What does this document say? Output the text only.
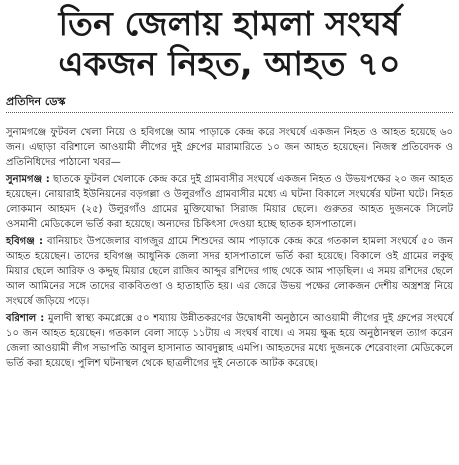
তিন জেলায় হামলা সংঘর্ষ
একজন নিহত, আহত ৭০
প্রতিদিন ডেস্ক

সুনামগঞ্জে ফুটবল খেলা নিয়ে ও হবিগঞ্জে আম পাড়াকে কেন্দ্র করে সংঘর্ষে একজন নিহত ও আহত হয়েছে ৬০ জন। এছাড়া বরিশালে আওয়ামী লীগের দুই গ্রুপের মারামারিতে ১০ জন আহত হয়েছেন। নিজস্ব প্রতিবেদক ও প্রতিনিধিদের পাঠানো খবর—

সুনামগঞ্জ : ছাতকে ফুটবল খেলাকে কেন্দ্র করে দুই গ্রামবাসীর সংঘর্ষে একজন নিহত ও উভয়পক্ষের ২০ জন আহত হয়েছেন। নোয়ারাই ইউনিয়নের বড়গল্লা ও উলুরগাঁও গ্রামবাসীর মধ্যে এ ঘটনা বিকালে সংঘর্ষের ঘটনা ঘটে। নিহত লোকমান আহমদ (২৫) উলুরগাঁও গ্রামের মুক্তিযোদ্ধা সিরাজ মিয়ার ছেলে। গুরুতর আহত দুজনকে সিলেট ওসমানী মেডিকেলে ভর্তি করা হয়েছে। অন্যদের চিকিৎসা দেওয়া হচ্ছে ছাতক হাসপাতালে।

হবিগঞ্জ : বানিয়াচং উপজেলার বাগজুর গ্রামে শিশুদের আম পাড়াকে কেন্দ্র করে গতকাল হামলা সংঘর্ষে ৫০ জন আহত হয়েছেন। তাদের হবিগঞ্জ আধুনিক জেলা সদর হাসপাতালে ভর্তি করা হয়েছে। বিকালে ওই গ্রামের লকুছ মিয়ার ছেলে আরিফ ও কদ্দুছ মিয়ার ছেলে রাজিব আব্দুর রশিদের গাছ থেকে আম পাড়ছিল। এ সময় রশিদের ছেলে আল আমিনের সঙ্গে তাদের বাকবিতণ্ডা ও হাতাহাতি হয়। এর জেরে উভয় পক্ষের লোকজন দেশীয় অস্ত্রশস্ত্র নিয়ে সংঘর্ষে জড়িয়ে পড়ে।

বরিশাল : মুলাদী স্বাস্থ্য কমপ্লেক্সে ৫০ শয্যায় উন্নীতকরণের উদ্বোধনী অনুষ্ঠানে আওয়ামী লীগের দুই গ্রুপের সংঘর্ষে ১০ জন আহত হয়েছেন। গতকাল বেলা সাড়ে ১১টায় এ সংঘর্ষ বাধে। এ সময় ক্ষুব্ধ হয়ে অনুষ্ঠানস্থল ত্যাগ করেন জেলা আওয়ামী লীগ সভাপতি আবুল হাসানাত আবদুল্লাহ এমপি। আহতদের মধ্যে দুজনকে শেরেবাংলা মেডিকেলে ভর্তি করা হয়েছে। পুলিশ ঘটনাস্থল থেকে ছাত্রলীগের দুই নেতাকে আটক করেছে।
